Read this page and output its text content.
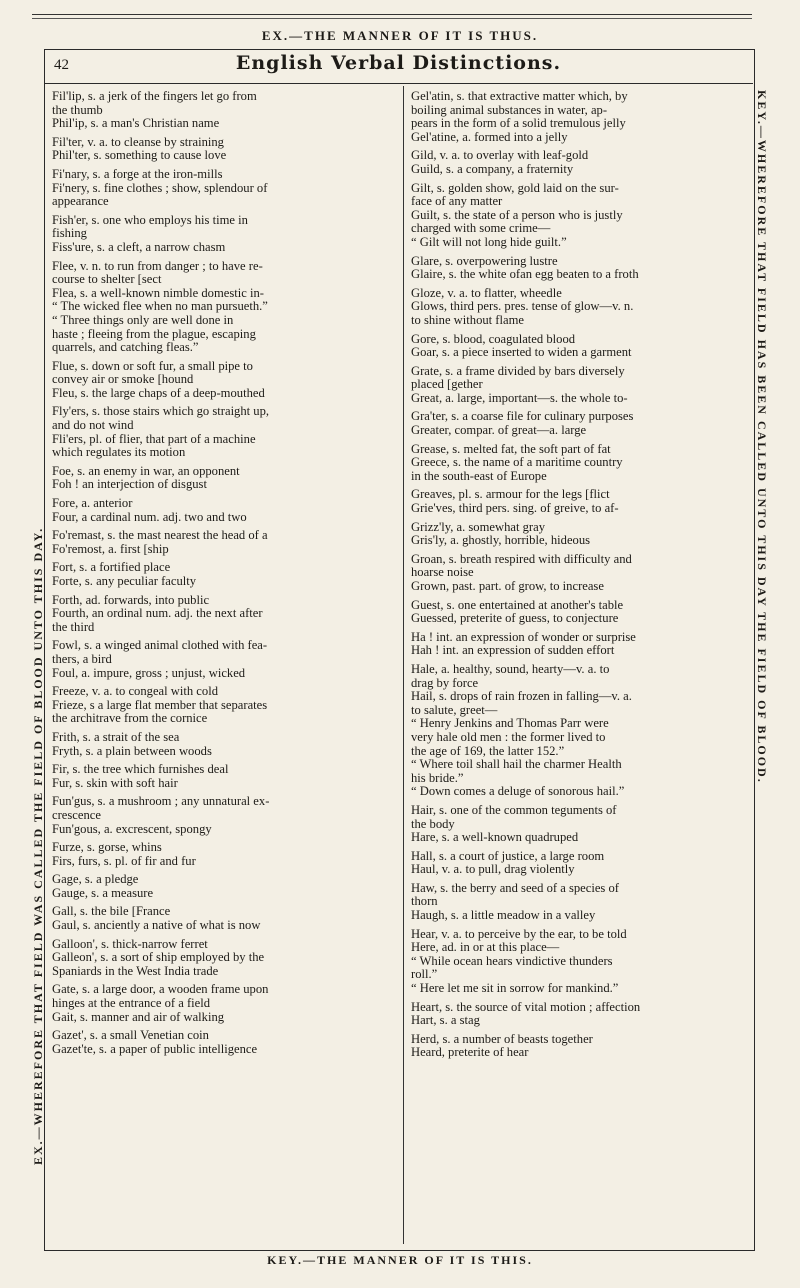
EX.—THE MANNER OF IT IS THUS.
EX.—WHEREFORE THAT FIELD WAS CALLED THE FIELD OF BLOOD UNTO THIS DAY.
KEY.—WHEREFORE THAT FIELD HAS BEEN CALLED UNTO THIS DAY THE FIELD OF BLOOD.
KEY.—THE MANNER OF IT IS THIS.
42	English Verbal Distinctions.
Fil'lip, s. a jerk of the fingers let go from
the thumb
Phil'ip, s. a man's Christian name
Fil'ter, v. a. to cleanse by straining
Phil'ter, s. something to cause love
Fi'nary, s. a forge at the iron-mills
Fi'nery, s. fine clothes ; show, splendour of
appearance
Fish'er, s. one who employs his time in
fishing
Fiss'ure, s. a cleft, a narrow chasm
Flee, v. n. to run from danger ; to have re-
course to shelter [sect
Flea, s. a well-known nimble domestic in-
“ The wicked flee when no man pursueth.”
“ Three things only are well done in
haste ; fleeing from the plague, escaping
quarrels, and catching fleas.”
Flue, s. down or soft fur, a small pipe to
convey air or smoke [hound
Fleu, s. the large chaps of a deep-mouthed
Fly'ers, s. those stairs which go straight up,
and do not wind
Fli'ers, pl. of flier, that part of a machine
which regulates its motion
Foe, s. an enemy in war, an opponent
Foh ! an interjection of disgust
Fore, a. anterior
Four, a cardinal num. adj. two and two
Fo'remast, s. the mast nearest the head of a
Fo'remost, a. first [ship
Fort, s. a fortified place
Forte, s. any peculiar faculty
Forth, ad. forwards, into public
Fourth, an ordinal num. adj. the next after
the third
Fowl, s. a winged animal clothed with fea-
thers, a bird
Foul, a. impure, gross ; unjust, wicked
Freeze, v. a. to congeal with cold
Frieze, s a large flat member that separates
the architrave from the cornice
Frith, s. a strait of the sea
Fryth, s. a plain between woods
Fir, s. the tree which furnishes deal
Fur, s. skin with soft hair
Fun'gus, s. a mushroom ; any unnatural ex-
crescence
Fun'gous, a. excrescent, spongy
Furze, s. gorse, whins
Firs, furs, s. pl. of fir and fur
Gage, s. a pledge
Gauge, s. a measure
Gall, s. the bile [France
Gaul, s. anciently a native of what is now
Galloon', s. thick-narrow ferret
Galleon', s. a sort of ship employed by the
Spaniards in the West India trade
Gate, s. a large door, a wooden frame upon
hinges at the entrance of a field
Gait, s. manner and air of walking
Gazet', s. a small Venetian coin
Gazet'te, s. a paper of public intelligence
Gel'atin, s. that extractive matter which, by
boiling animal substances in water, ap-
pears in the form of a solid tremulous jelly
Gel'atine, a. formed into a jelly
Gild, v. a. to overlay with leaf-gold
Guild, s. a company, a fraternity
Gilt, s. golden show, gold laid on the sur-
face of any matter
Guilt, s. the state of a person who is justly
charged with some crime—
“ Gilt will not long hide guilt.”
Glare, s. overpowering lustre
Glaire, s. the white ofan egg beaten to a froth
Gloze, v. a. to flatter, wheedle
Glows, third pers. pres. tense of glow—v. n.
to shine without flame
Gore, s. blood, coagulated blood
Goar, s. a piece inserted to widen a garment
Grate, s. a frame divided by bars diversely
placed [gether
Great, a. large, important—s. the whole to-
Gra'ter, s. a coarse file for culinary purposes
Greater, compar. of great—a. large
Grease, s. melted fat, the soft part of fat
Greece, s. the name of a maritime country
in the south-east of Europe
Greaves, pl. s. armour for the legs [flict
Grie'ves, third pers. sing. of greive, to af-
Grizz'ly, a. somewhat gray
Gris'ly, a. ghostly, horrible, hideous
Groan, s. breath respired with difficulty and
hoarse noise
Grown, past. part. of grow, to increase
Guest, s. one entertained at another's table
Guessed, preterite of guess, to conjecture
Ha ! int. an expression of wonder or surprise
Hah ! int. an expression of sudden effort
Hale, a. healthy, sound, hearty—v. a. to
drag by force
Hail, s. drops of rain frozen in falling—v. a.
to salute, greet—
“ Henry Jenkins and Thomas Parr were
very hale old men : the former lived to
the age of 169, the latter 152.”
“ Where toil shall hail the charmer Health
his bride.”
“ Down comes a deluge of sonorous hail.”
Hair, s. one of the common teguments of
the body
Hare, s. a well-known quadruped
Hall, s. a court of justice, a large room
Haul, v. a. to pull, drag violently
Haw, s. the berry and seed of a species of
thorn
Haugh, s. a little meadow in a valley
Hear, v. a. to perceive by the ear, to be told
Here, ad. in or at this place—
“ While ocean hears vindictive thunders
roll.”
“ Here let me sit in sorrow for mankind.”
Heart, s. the source of vital motion ; affection
Hart, s. a stag
Herd, s. a number of beasts together
Heard, preterite of hear
